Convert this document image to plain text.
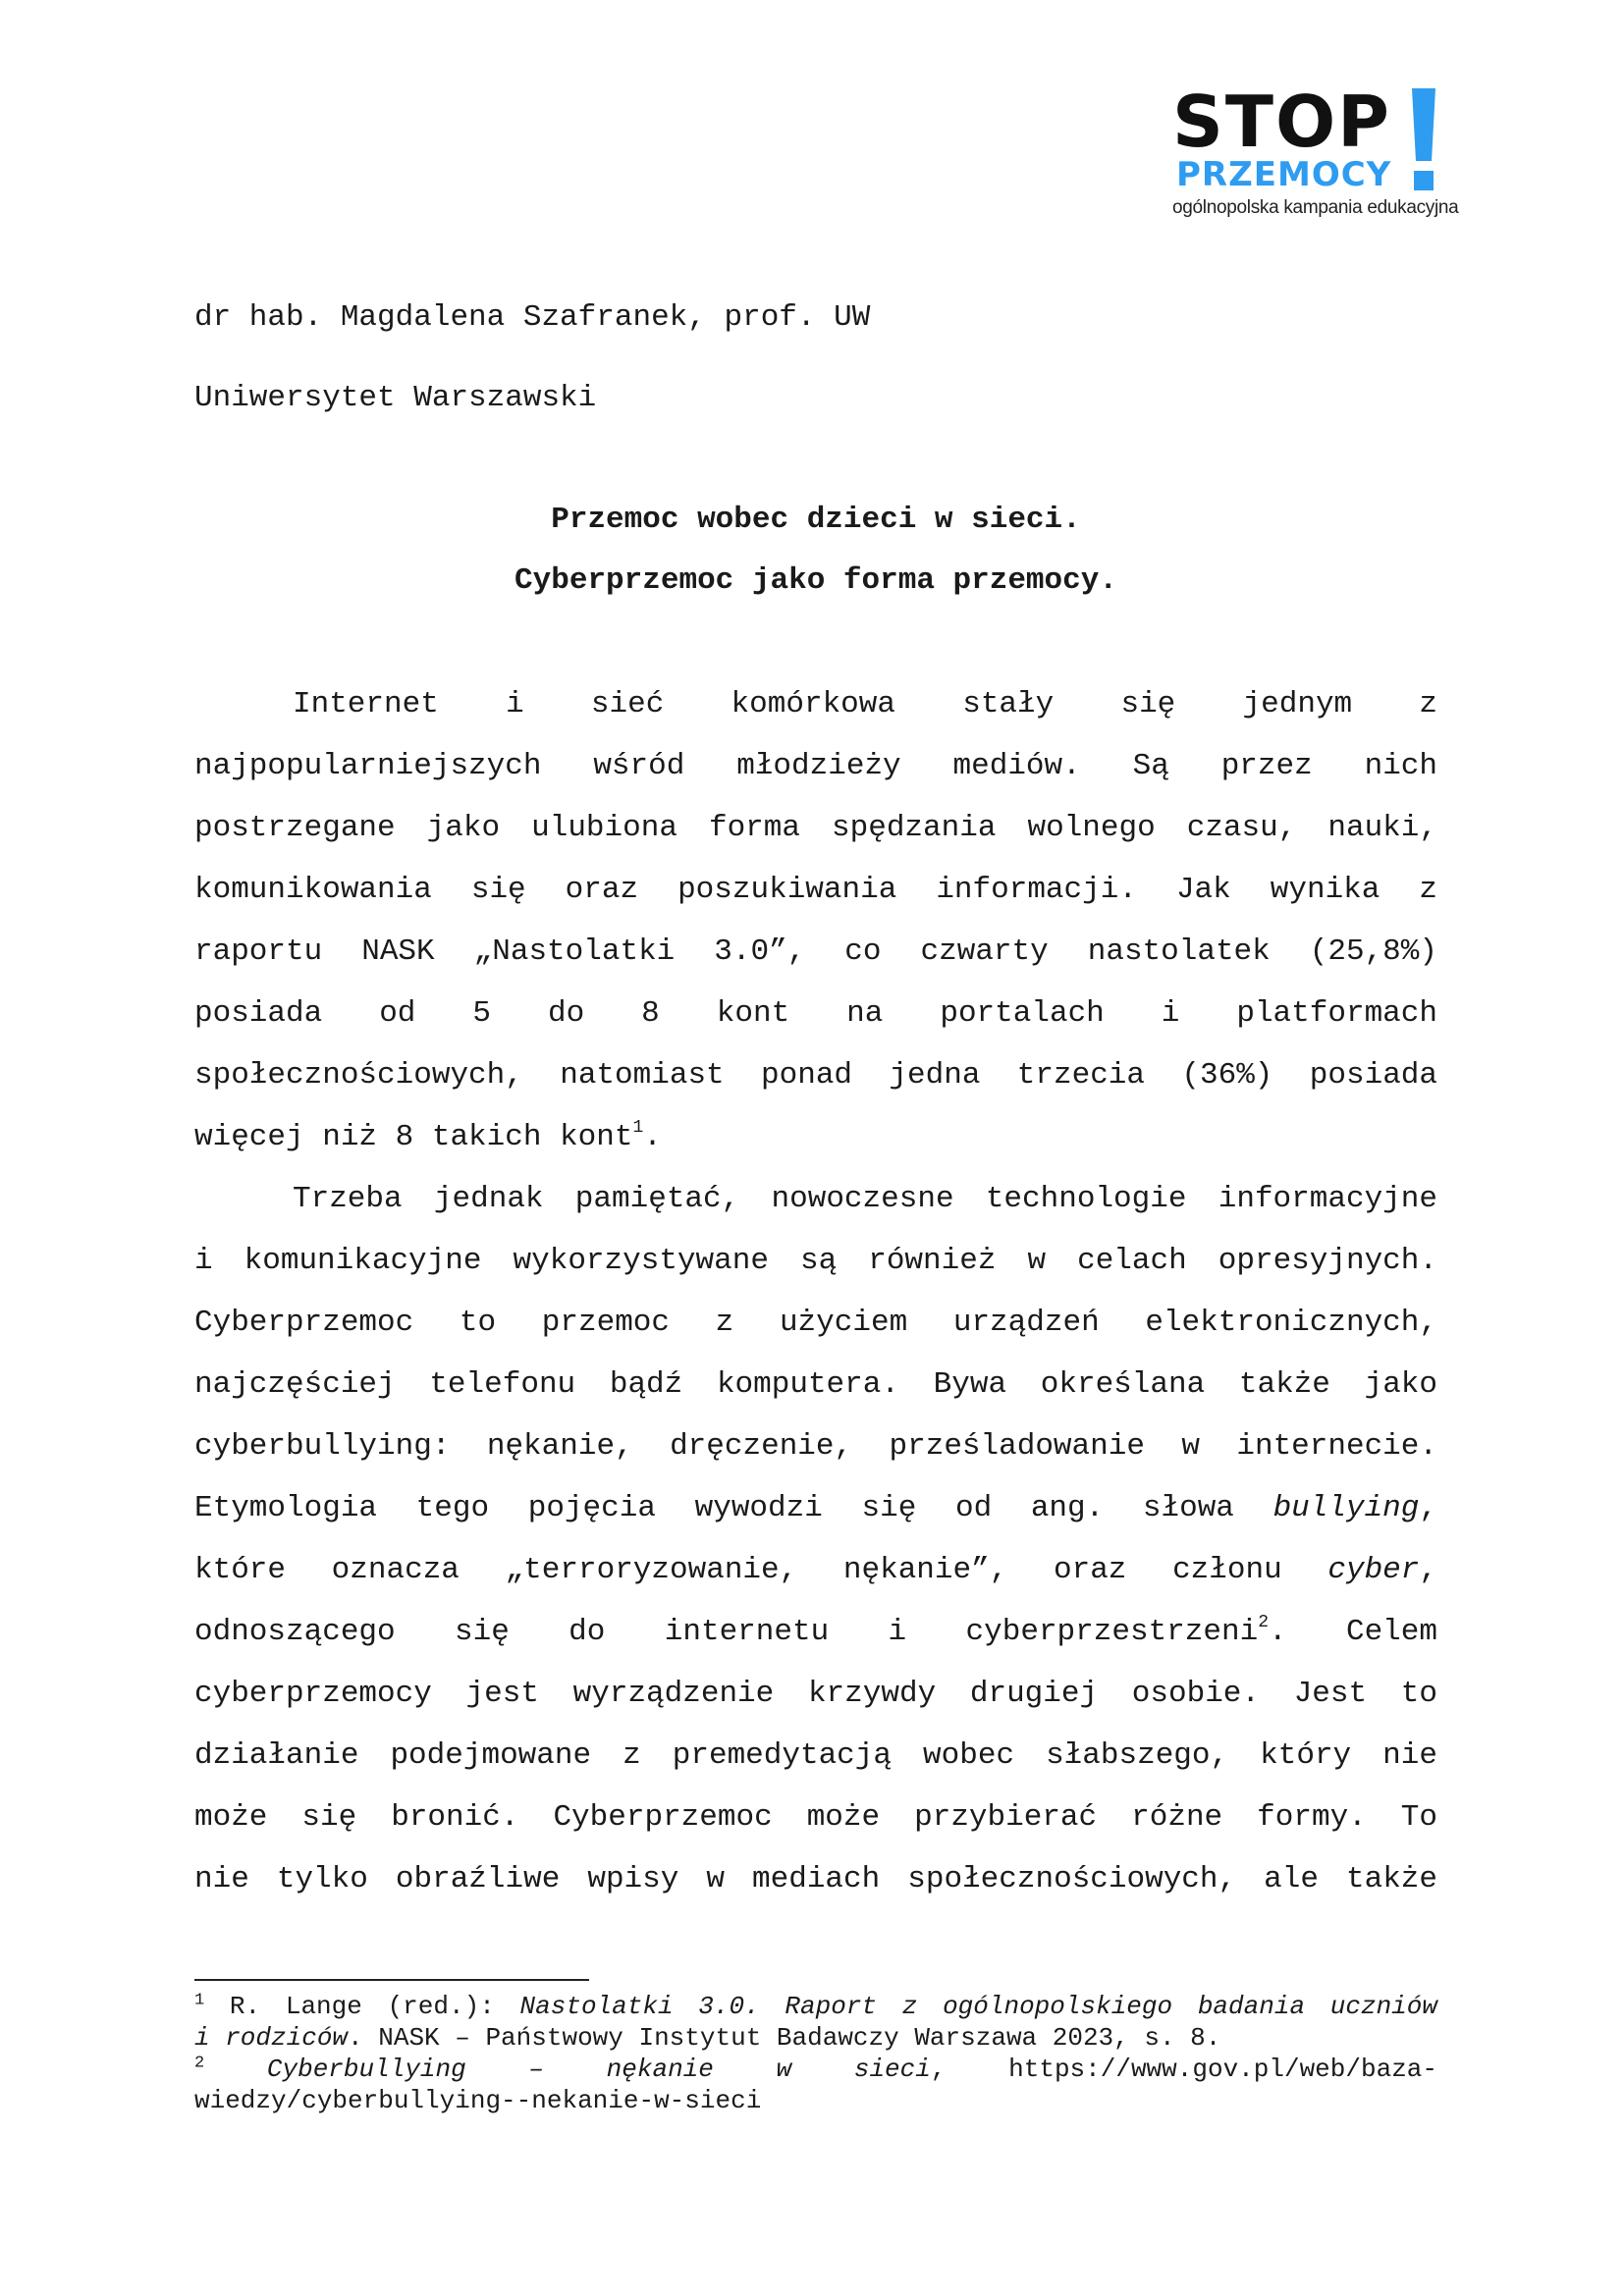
STOP
PRZEMOCY
ogólnopolska kampania edukacyjna
dr hab. Magdalena Szafranek, prof. UW
Uniwersytet Warszawski
Przemoc wobec dzieci w sieci.
Cyberprzemoc jako forma przemocy.
Internet i sieć komórkowa stały się jednym z
najpopularniejszych wśród młodzieży mediów. Są przez nich
postrzegane jako ulubiona forma spędzania wolnego czasu, nauki,
komunikowania się oraz poszukiwania informacji. Jak wynika z
raportu NASK „Nastolatki 3.0”, co czwarty nastolatek (25,8%)
posiada od 5 do 8 kont na portalach i platformach
społecznościowych, natomiast ponad jedna trzecia (36%) posiada
więcej niż 8 takich kont$^1$.
Trzeba jednak pamiętać, nowoczesne technologie informacyjne
i komunikacyjne wykorzystywane są również w celach opresyjnych.
Cyberprzemoc to przemoc z użyciem urządzeń elektronicznych,
najczęściej telefonu bądź komputera. Bywa określana także jako
cyberbullying: nękanie, dręczenie, prześladowanie w internecie.
Etymologia tego pojęcia wywodzi się od ang. słowa bullying,
które oznacza „terroryzowanie, nękanie”, oraz członu cyber,
odnoszącego się do internetu i cyberprzestrzeni$^2$. Celem
cyberprzemocy jest wyrządzenie krzywdy drugiej osobie. Jest to
działanie podejmowane z premedytacją wobec słabszego, który nie
może się bronić. Cyberprzemoc może przybierać różne formy. To
nie tylko obraźliwe wpisy w mediach społecznościowych, ale także
$^1$ R. Lange (red.): Nastolatki 3.0. Raport z ogólnopolskiego badania uczniów
i rodziców. NASK – Państwowy Instytut Badawczy Warszawa 2023, s. 8.
$^2$ Cyberbullying – nękanie w sieci, https://www.gov.pl/web/baza-
wiedzy/cyberbullying--nekanie-w-sieci
